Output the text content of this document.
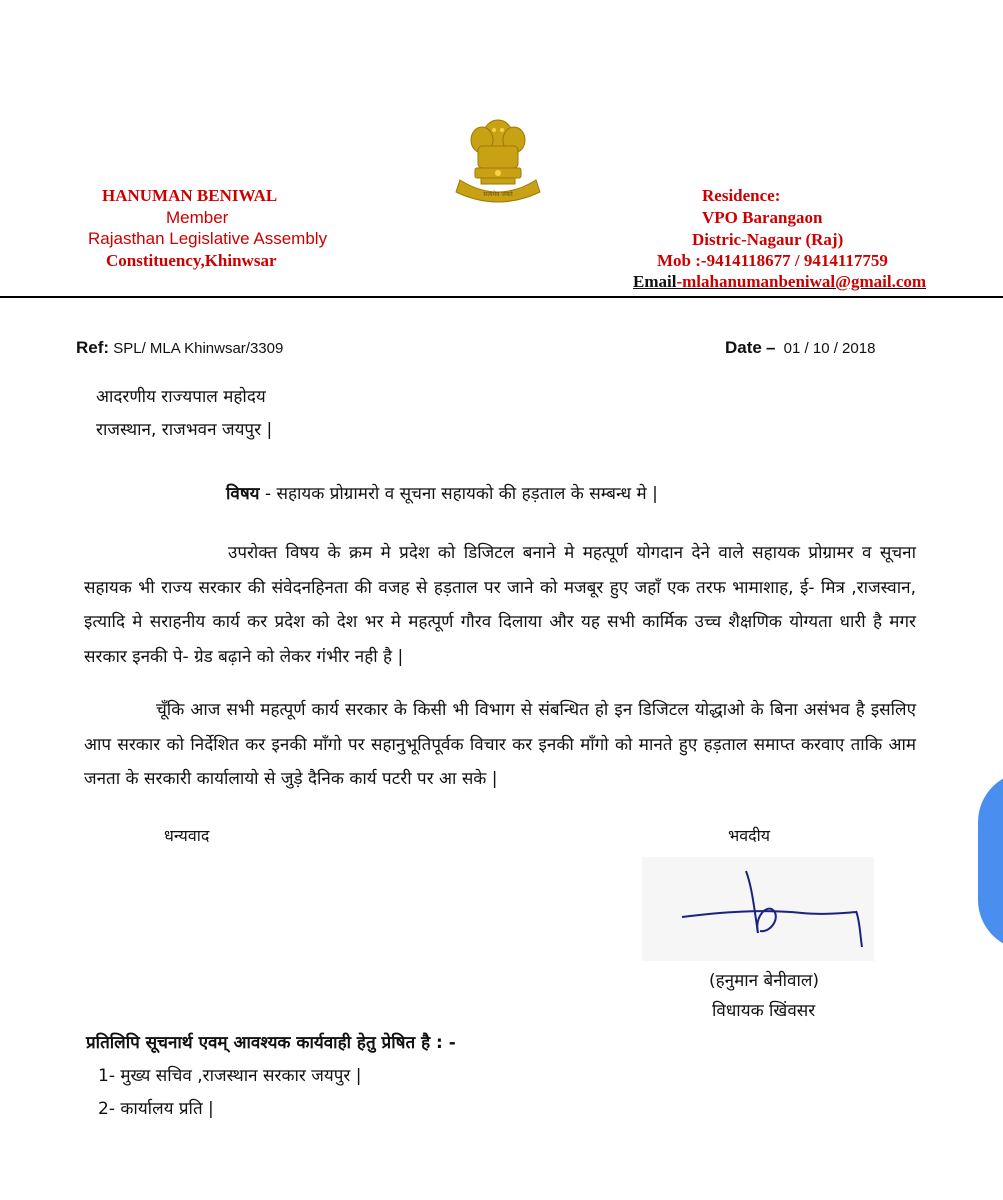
सत्यमेव जयते
HANUMAN BENIWAL
Member
Rajasthan Legislative Assembly
Constituency,Khinwsar
Residence:
VPO Barangaon
Distric-Nagaur (Raj)
Mob :-9414118677 / 9414117759
Email-mlahanumanbeniwal@gmail.com
Ref: SPL/ MLA Khinwsar/3309	Date – 01 / 10 / 2018
आदरणीय राज्यपाल महोदय
राजस्थान, राजभवन जयपुर |
विषय - सहायक प्रोग्रामरो व सूचना सहायको की हड़ताल के सम्बन्ध मे |
उपरोक्त विषय के क्रम मे प्रदेश को डिजिटल बनाने मे महत्पूर्ण योगदान देने वाले सहायक प्रोग्रामर व सूचना सहायक भी राज्य सरकार की संवेदनहिनता की वजह से हड़ताल पर जाने को मजबूर हुए जहाँ एक तरफ भामाशाह, ई- मित्र ,राजस्वान, इत्यादि मे सराहनीय कार्य कर प्रदेश को देश भर मे महत्पूर्ण गौरव दिलाया और यह सभी कार्मिक उच्च शैक्षणिक योग्यता धारी है मगर सरकार इनकी पे- ग्रेड बढ़ाने को लेकर गंभीर नही है |
चूँकि आज सभी महत्पूर्ण कार्य सरकार के किसी भी विभाग से संबन्धित हो इन डिजिटल योद्धाओ के बिना असंभव है इसलिए आप सरकार को निर्देशित कर इनकी माँगो पर सहानुभूतिपूर्वक विचार कर इनकी माँगो को मानते हुए हड़ताल समाप्त करवाए ताकि आम जनता के सरकारी कार्यालायो से जुड़े दैनिक कार्य पटरी पर आ सके |
धन्यवाद	भवदीय
(हनुमान बेनीवाल)
विधायक खिंवसर
प्रतिलिपि सूचनार्थ एवम् आवश्यक कार्यवाही हेतु प्रेषित है : -
1- मुख्य सचिव ,राजस्थान सरकार जयपुर |
2- कार्यालय प्रति |
